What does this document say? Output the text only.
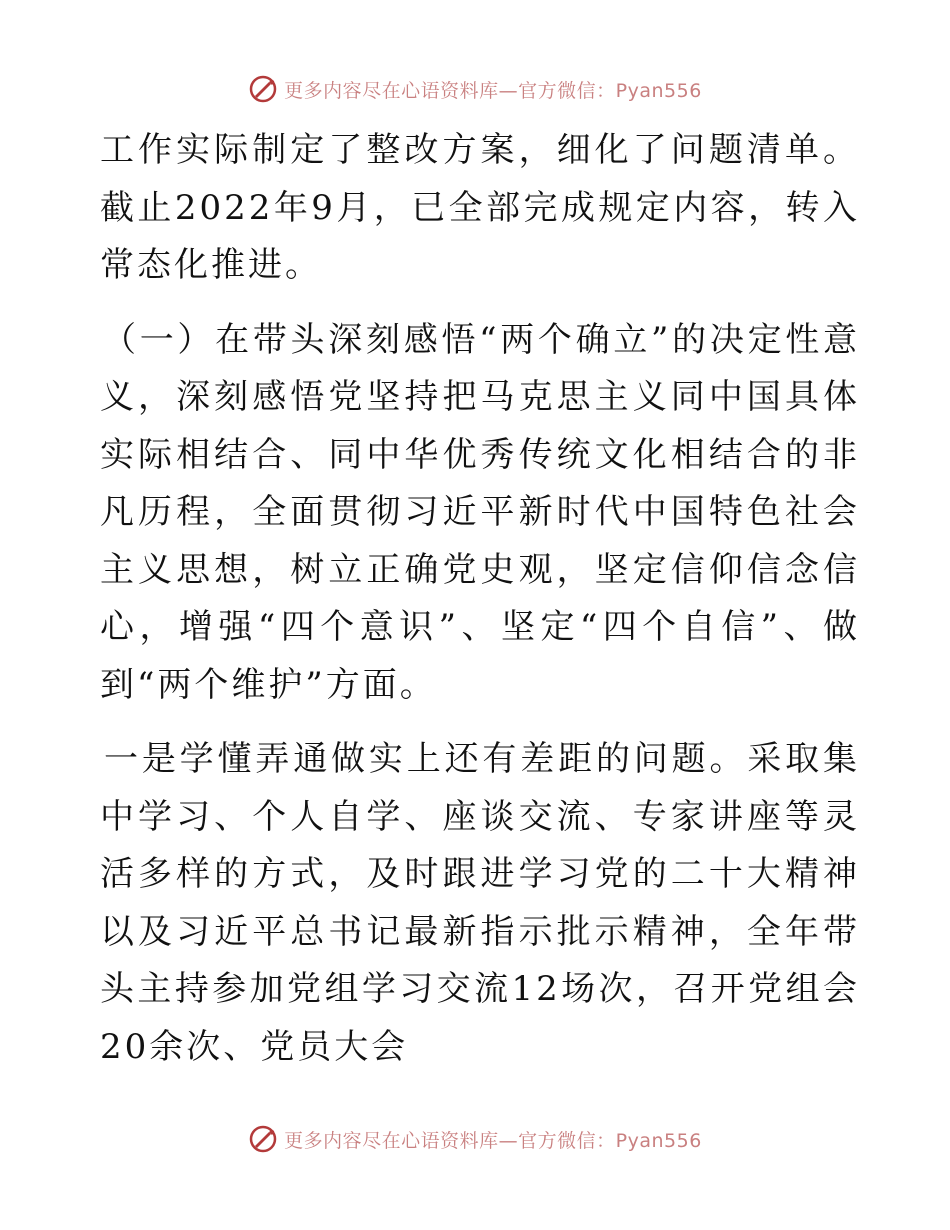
更多内容尽在心语资料库—官方微信：Pyan556

工作实际制定了整改方案，细化了问题清单。截止2022年9月，已全部完成规定内容，转入常态化推进。

（一）在带头深刻感悟“两个确立”的决定性意义，深刻感悟党坚持把马克思主义同中国具体实际相结合、同中华优秀传统文化相结合的非凡历程，全面贯彻习近平新时代中国特色社会主义思想，树立正确党史观，坚定信仰信念信心，增强“四个意识”、坚定“四个自信”、做到“两个维护”方面。

一是学懂弄通做实上还有差距的问题。采取集中学习、个人自学、座谈交流、专家讲座等灵活多样的方式，及时跟进学习党的二十大精神以及习近平总书记最新指示批示精神，全年带头主持参加党组学习交流12场次，召开党组会20余次、党员大会

更多内容尽在心语资料库—官方微信：Pyan556
